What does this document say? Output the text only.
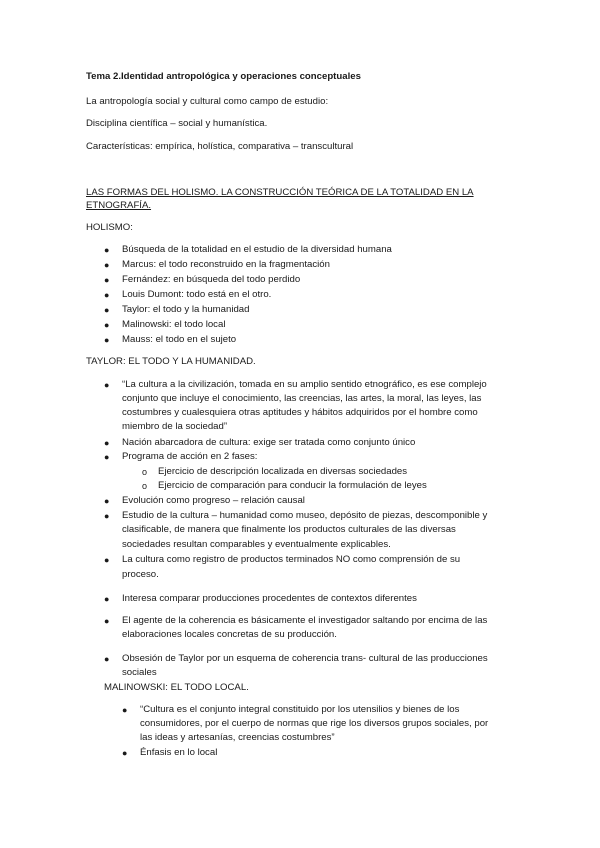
Tema 2.Identidad antropológica y operaciones conceptuales
La antropología social y cultural como campo de estudio:
Disciplina científica – social y humanística.
Características: empírica, holística, comparativa – transcultural
LAS FORMAS DEL HOLISMO. LA CONSTRUCCIÓN TEÓRICA DE LA TOTALIDAD EN LA
ETNOGRAFÍA.
HOLISMO:
● Búsqueda de la totalidad en el estudio de la diversidad humana
● Marcus: el todo reconstruido en la fragmentación
● Fernández: en búsqueda del todo perdido
● Louis Dumont: todo está en el otro.
● Taylor: el todo y la humanidad
● Malinowski: el todo local
● Mauss: el todo en el sujeto
TAYLOR: EL TODO Y LA HUMANIDAD.
● “La cultura a la civilización, tomada en su amplio sentido etnográfico, es ese complejo
conjunto que incluye el conocimiento, las creencias, las artes, la moral, las leyes, las
costumbres y cualesquiera otras aptitudes y hábitos adquiridos por el hombre como
miembro de la sociedad”
● Nación abarcadora de cultura: exige ser tratada como conjunto único
● Programa de acción en 2 fases:
o Ejercicio de descripción localizada en diversas sociedades
o Ejercicio de comparación para conducir la formulación de leyes
● Evolución como progreso – relación causal
● Estudio de la cultura – humanidad como museo, depósito de piezas, descomponible y
clasificable, de manera que finalmente los productos culturales de las diversas
sociedades resultan comparables y eventualmente explicables.
● La cultura como registro de productos terminados NO como comprensión de su
proceso.
● Interesa comparar producciones procedentes de contextos diferentes
● El agente de la coherencia es básicamente el investigador saltando por encima de las
elaboraciones locales concretas de su producción.
● Obsesión de Taylor por un esquema de coherencia trans- cultural de las producciones
sociales
MALINOWSKI: EL TODO LOCAL.
● “Cultura es el conjunto integral constituido por los utensilios y bienes de los
consumidores, por el cuerpo de normas que rige los diversos grupos sociales, por
las ideas y artesanías, creencias costumbres”
● Énfasis en lo local
